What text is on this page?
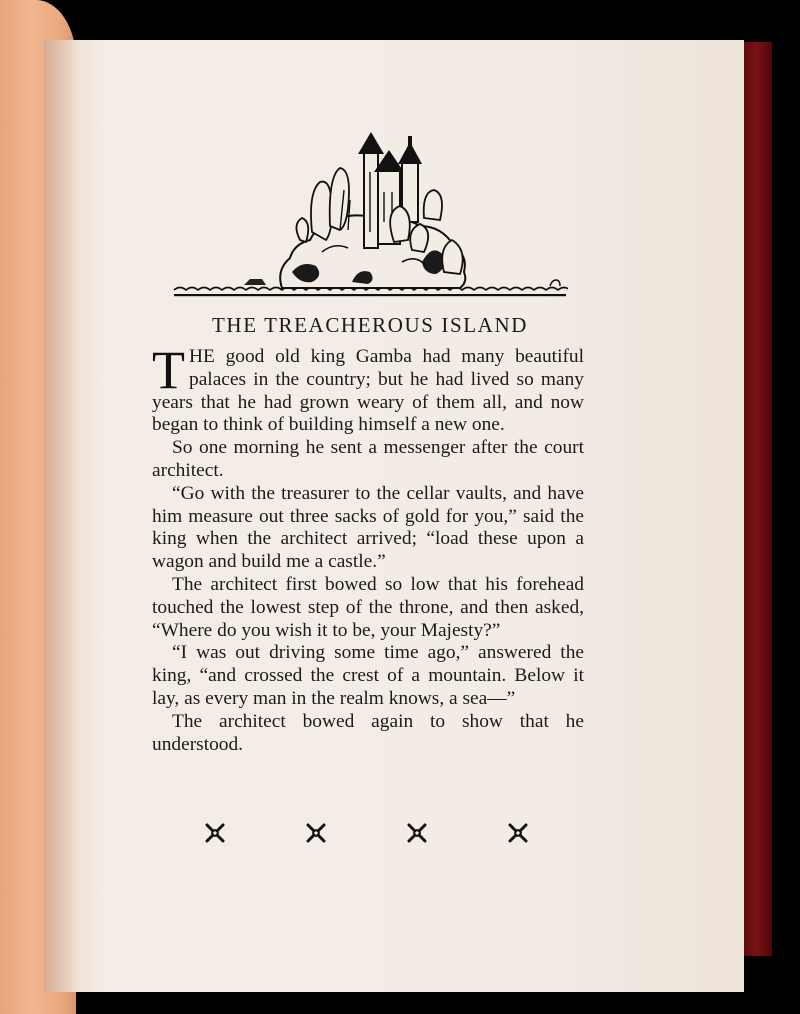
THE TREACHEROUS ISLAND

THE good old king Gamba had many beautiful palaces in the country; but he had lived so many years that he had grown weary of them all, and now began to think of building himself a new one.

So one morning he sent a messenger after the court architect.

“Go with the treasurer to the cellar vaults, and have him measure out three sacks of gold for you,” said the king when the architect arrived; “load these upon a wagon and build me a castle.”

The architect first bowed so low that his forehead touched the lowest step of the throne, and then asked, “Where do you wish it to be, your Majesty?”

“I was out driving some time ago,” answered the king, “and crossed the crest of a mountain. Below it lay, as every man in the realm knows, a sea—”

The architect bowed again to show that he understood.
